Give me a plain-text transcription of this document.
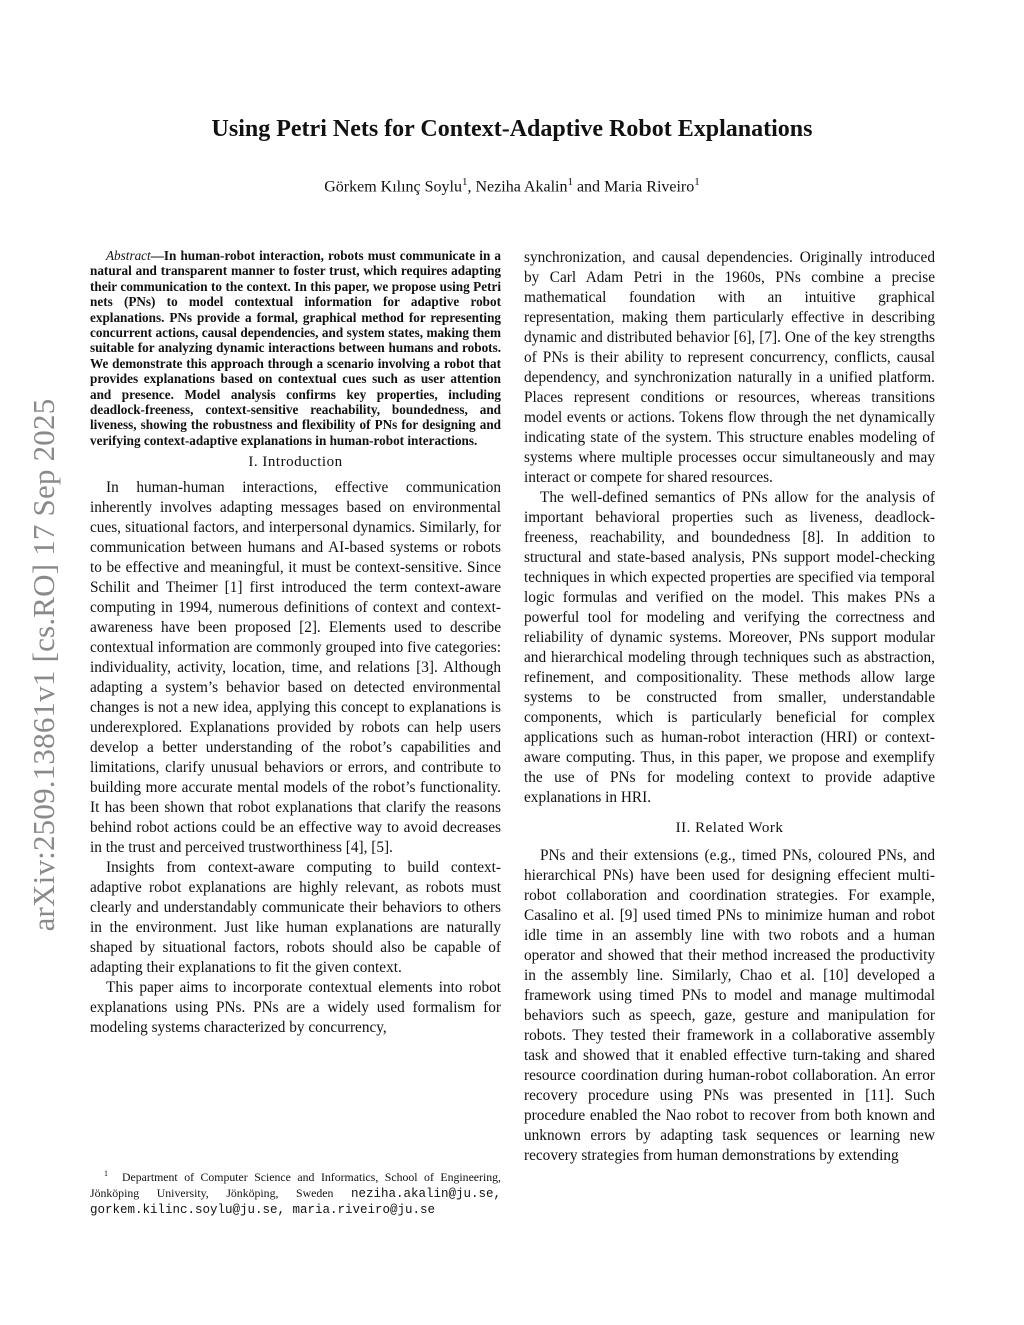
arXiv:2509.13861v1 [cs.RO] 17 Sep 2025
Using Petri Nets for Context-Adaptive Robot Explanations
Görkem Kılınç Soylu$^1$, Neziha Akalin$^1$ and Maria Riveiro$^1$

Abstract—In human-robot interaction, robots must communicate in a natural and transparent manner to foster trust, which requires adapting their communication to the context. In this paper, we propose using Petri nets (PNs) to model contextual information for adaptive robot explanations. PNs provide a formal, graphical method for representing concurrent actions, causal dependencies, and system states, making them suitable for analyzing dynamic interactions between humans and robots. We demonstrate this approach through a scenario involving a robot that provides explanations based on contextual cues such as user attention and presence. Model analysis confirms key properties, including deadlock-freeness, context-sensitive reachability, boundedness, and liveness, showing the robustness and flexibility of PNs for designing and verifying context-adaptive explanations in human-robot interactions.

I. Introduction

In human-human interactions, effective communication inherently involves adapting messages based on environmental cues, situational factors, and interpersonal dynamics. Similarly, for communication between humans and AI-based systems or robots to be effective and meaningful, it must be context-sensitive. Since Schilit and Theimer [1] first introduced the term context-aware computing in 1994, numerous definitions of context and context-awareness have been proposed [2]. Elements used to describe contextual information are commonly grouped into five categories: individuality, activity, location, time, and relations [3]. Although adapting a system’s behavior based on detected environmental changes is not a new idea, applying this concept to explanations is underexplored. Explanations provided by robots can help users develop a better understanding of the robot’s capabilities and limitations, clarify unusual behaviors or errors, and contribute to building more accurate mental models of the robot’s functionality. It has been shown that robot explanations that clarify the reasons behind robot actions could be an effective way to avoid decreases in the trust and perceived trustworthiness [4], [5].

Insights from context-aware computing to build context-adaptive robot explanations are highly relevant, as robots must clearly and understandably communicate their behaviors to others in the environment. Just like human explanations are naturally shaped by situational factors, robots should also be capable of adapting their explanations to fit the given context.

This paper aims to incorporate contextual elements into robot explanations using PNs. PNs are a widely used formalism for modeling systems characterized by concurrency,

$^1$ Department of Computer Science and Informatics, School of Engineering, Jönköping University, Jönköping, Sweden neziha.akalin@ju.se, gorkem.kilinc.soylu@ju.se, maria.riveiro@ju.se

synchronization, and causal dependencies. Originally introduced by Carl Adam Petri in the 1960s, PNs combine a precise mathematical foundation with an intuitive graphical representation, making them particularly effective in describing dynamic and distributed behavior [6], [7]. One of the key strengths of PNs is their ability to represent concurrency, conflicts, causal dependency, and synchronization naturally in a unified platform. Places represent conditions or resources, whereas transitions model events or actions. Tokens flow through the net dynamically indicating state of the system. This structure enables modeling of systems where multiple processes occur simultaneously and may interact or compete for shared resources.

The well-defined semantics of PNs allow for the analysis of important behavioral properties such as liveness, deadlock-freeness, reachability, and boundedness [8]. In addition to structural and state-based analysis, PNs support model-checking techniques in which expected properties are specified via temporal logic formulas and verified on the model. This makes PNs a powerful tool for modeling and verifying the correctness and reliability of dynamic systems. Moreover, PNs support modular and hierarchical modeling through techniques such as abstraction, refinement, and compositionality. These methods allow large systems to be constructed from smaller, understandable components, which is particularly beneficial for complex applications such as human-robot interaction (HRI) or context-aware computing. Thus, in this paper, we propose and exemplify the use of PNs for modeling context to provide adaptive explanations in HRI.

II. Related Work

PNs and their extensions (e.g., timed PNs, coloured PNs, and hierarchical PNs) have been used for designing effecient multi-robot collaboration and coordination strategies. For example, Casalino et al. [9] used timed PNs to minimize human and robot idle time in an assembly line with two robots and a human operator and showed that their method increased the productivity in the assembly line. Similarly, Chao et al. [10] developed a framework using timed PNs to model and manage multimodal behaviors such as speech, gaze, gesture and manipulation for robots. They tested their framework in a collaborative assembly task and showed that it enabled effective turn-taking and shared resource coordination during human-robot collaboration. An error recovery procedure using PNs was presented in [11]. Such procedure enabled the Nao robot to recover from both known and unknown errors by adapting task sequences or learning new recovery strategies from human demonstrations by extending
